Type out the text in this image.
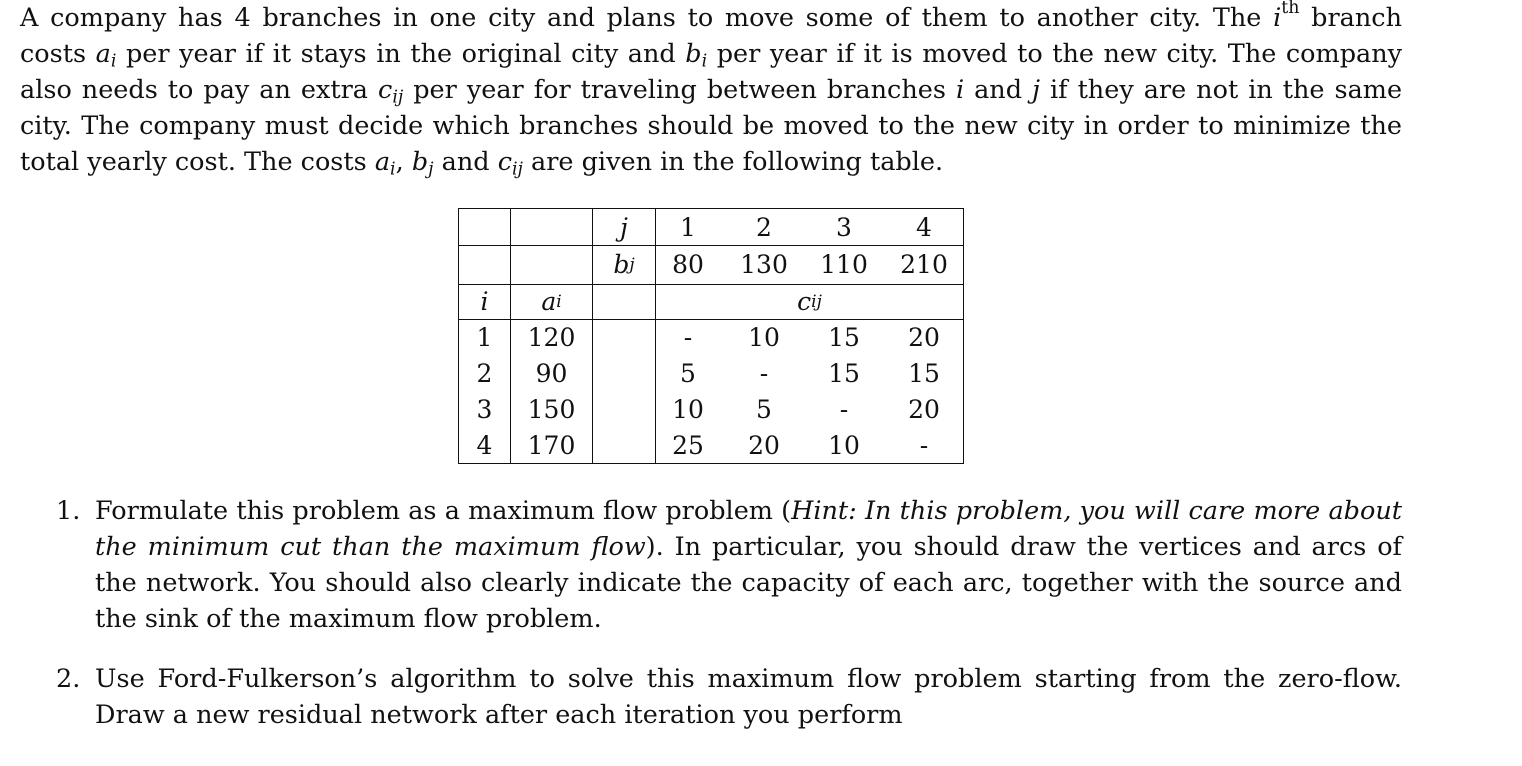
A company has 4 branches in one city and plans to move some of them to another city. The $i^{th}$ branch
costs $a_i$ per year if it stays in the original city and $b_i$ per year if it is moved to the new city. The company
also needs to pay an extra $c_{ij}$ per year for traveling between branches i and j if they are not in the same
city. The company must decide which branches should be moved to the new city in order to minimize the
total yearly cost. The costs $a_i$, $b_j$ and $c_{ij}$ are given in the following table.
j	1	2	3	4
b j	80	130 110 210
i	a i	c ij
1	120	-	10	15	20
2	90	5	-	15	15
3	150	10	5	-	20
4	170	25	20	10	-
1. Formulate this problem as a maximum flow problem (Hint: In this problem, you will care more about
the minimum cut than the maximum flow). In particular, you should draw the vertices and arcs of
the network. You should also clearly indicate the capacity of each arc, together with the source and
the sink of the maximum flow problem.
2. Use Ford-Fulkerson’s algorithm to solve this maximum flow problem starting from the zero-flow.
Draw a new residual network after each iteration you perform
